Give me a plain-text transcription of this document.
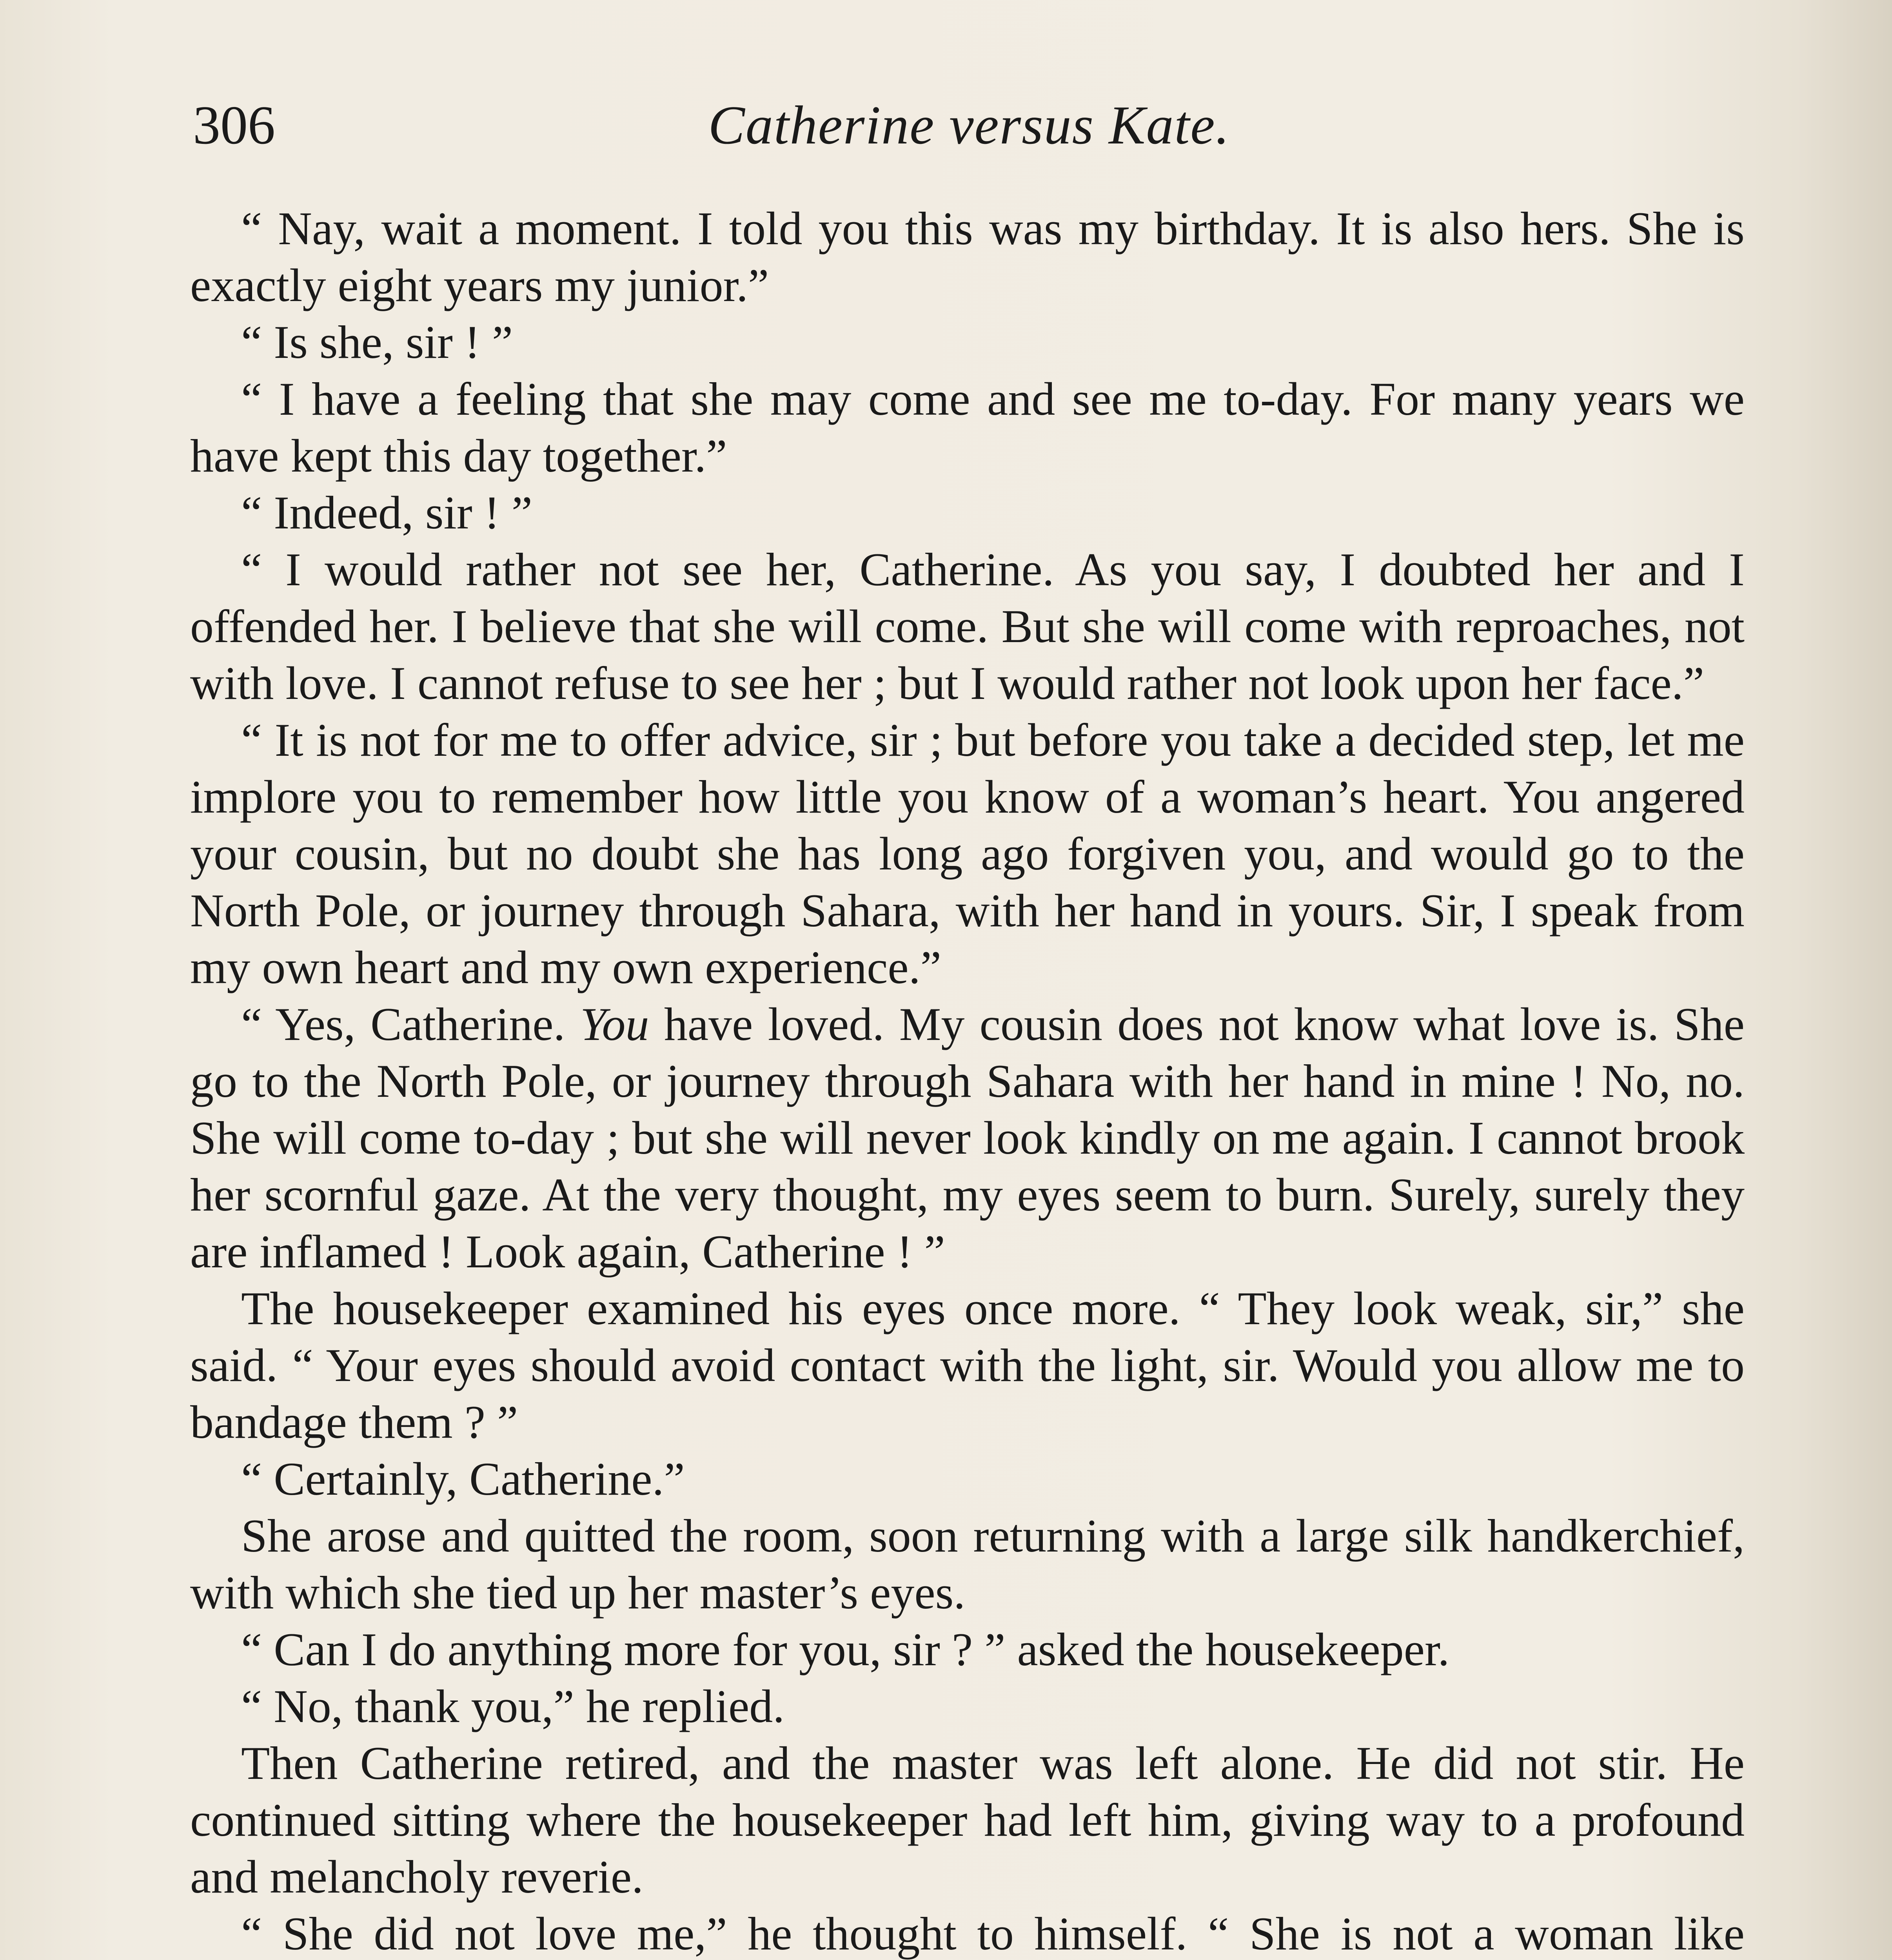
306	Catherine versus Kate.

“ Nay, wait a moment. I told you this was my birthday. It is also hers. She is exactly eight years my junior.”

“ Is she, sir ! ”

“ I have a feeling that she may come and see me to-day. For many years we have kept this day together.”

“ Indeed, sir ! ”

“ I would rather not see her, Catherine. As you say, I doubted her and I offended her. I believe that she will come. But she will come with reproaches, not with love. I cannot refuse to see her ; but I would rather not look upon her face.”

“ It is not for me to offer advice, sir ; but before you take a decided step, let me implore you to remember how little you know of a woman’s heart. You angered your cousin, but no doubt she has long ago forgiven you, and would go to the North Pole, or journey through Sahara, with her hand in yours. Sir, I speak from my own heart and my own experience.”

“ Yes, Catherine. You have loved. My cousin does not know what love is. She go to the North Pole, or journey through Sahara with her hand in mine ! No, no. She will come to-day ; but she will never look kindly on me again. I cannot brook her scornful gaze. At the very thought, my eyes seem to burn. Surely, surely they are inflamed ! Look again, Catherine ! ”

The housekeeper examined his eyes once more. “ They look weak, sir,” she said. “ Your eyes should avoid contact with the light, sir. Would you allow me to bandage them ? ”

“ Certainly, Catherine.”

She arose and quitted the room, soon returning with a large silk handkerchief, with which she tied up her master’s eyes.

“ Can I do anything more for you, sir ? ” asked the housekeeper.

“ No, thank you,” he replied.

Then Catherine retired, and the master was left alone. He did not stir. He continued sitting where the housekeeper had left him, giving way to a profound and melancholy reverie.

“ She did not love me,” he thought to himself. “ She is not a woman like
